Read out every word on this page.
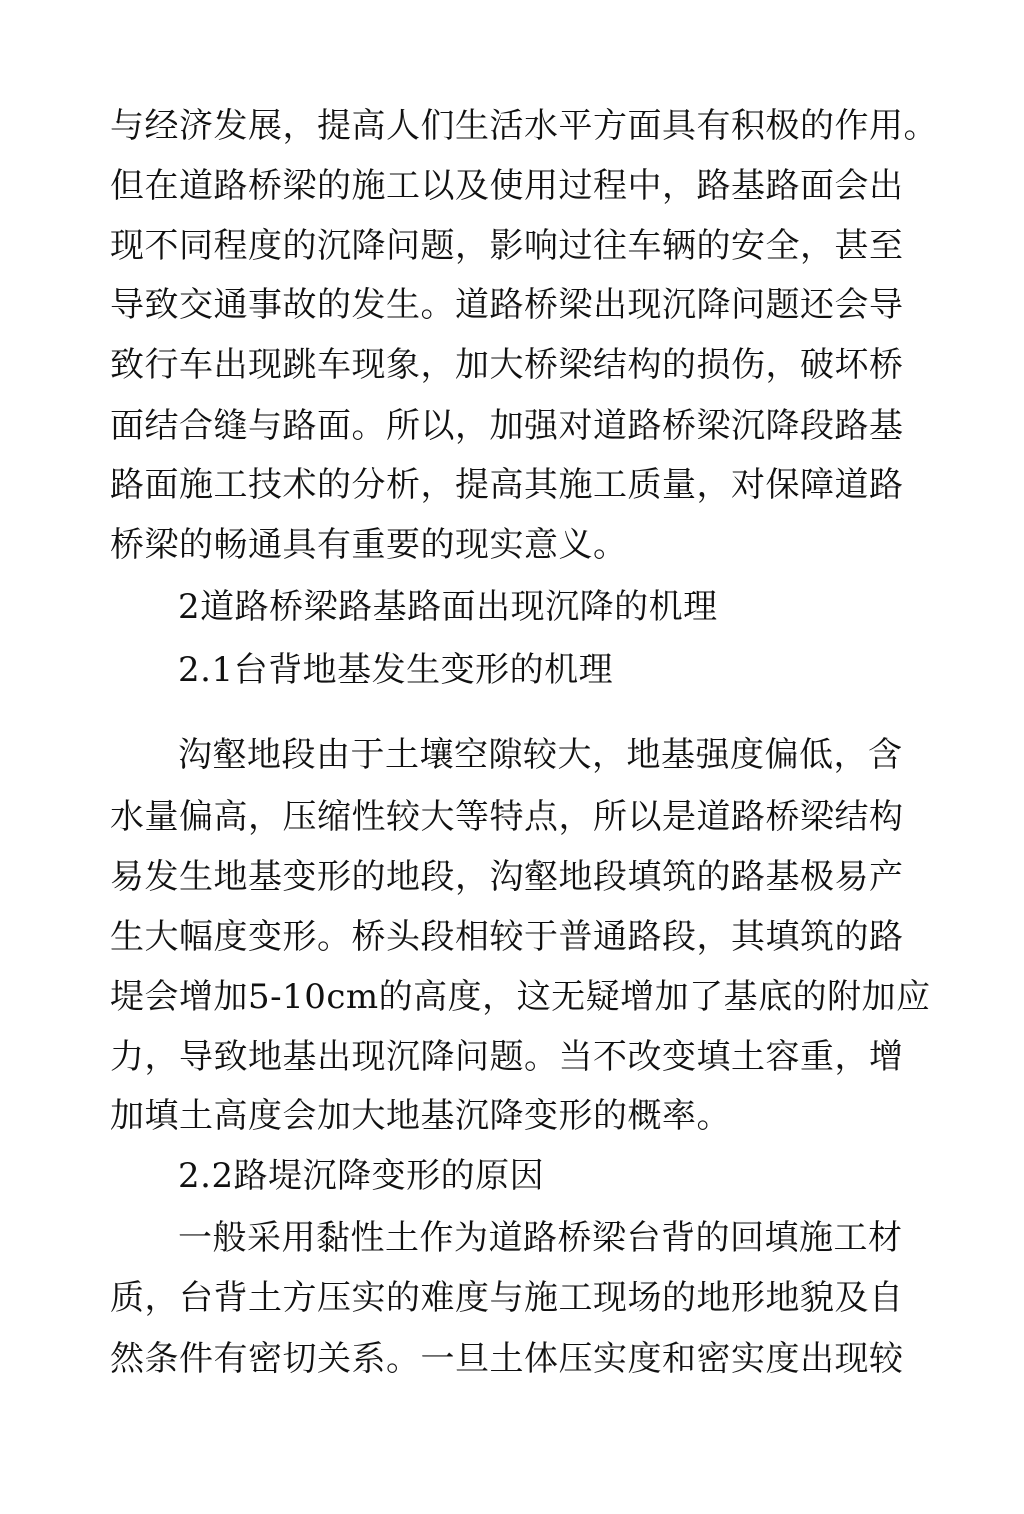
与经济发展，提高人们生活水平方面具有积极的作用。
但在道路桥梁的施工以及使用过程中，路基路面会出
现不同程度的沉降问题，影响过往车辆的安全，甚至
导致交通事故的发生。道路桥梁出现沉降问题还会导
致行车出现跳车现象，加大桥梁结构的损伤，破坏桥
面结合缝与路面。所以，加强对道路桥梁沉降段路基
路面施工技术的分析，提高其施工质量，对保障道路
桥梁的畅通具有重要的现实意义。
2道路桥梁路基路面出现沉降的机理
2.1台背地基发生变形的机理
沟壑地段由于土壤空隙较大，地基强度偏低，含
水量偏高，压缩性较大等特点，所以是道路桥梁结构
易发生地基变形的地段，沟壑地段填筑的路基极易产
生大幅度变形。桥头段相较于普通路段，其填筑的路
堤会增加5-10cm的高度，这无疑增加了基底的附加应
力，导致地基出现沉降问题。当不改变填土容重，增
加填土高度会加大地基沉降变形的概率。
2.2路堤沉降变形的原因
一般采用黏性土作为道路桥梁台背的回填施工材
质，台背土方压实的难度与施工现场的地形地貌及自
然条件有密切关系。一旦土体压实度和密实度出现较
